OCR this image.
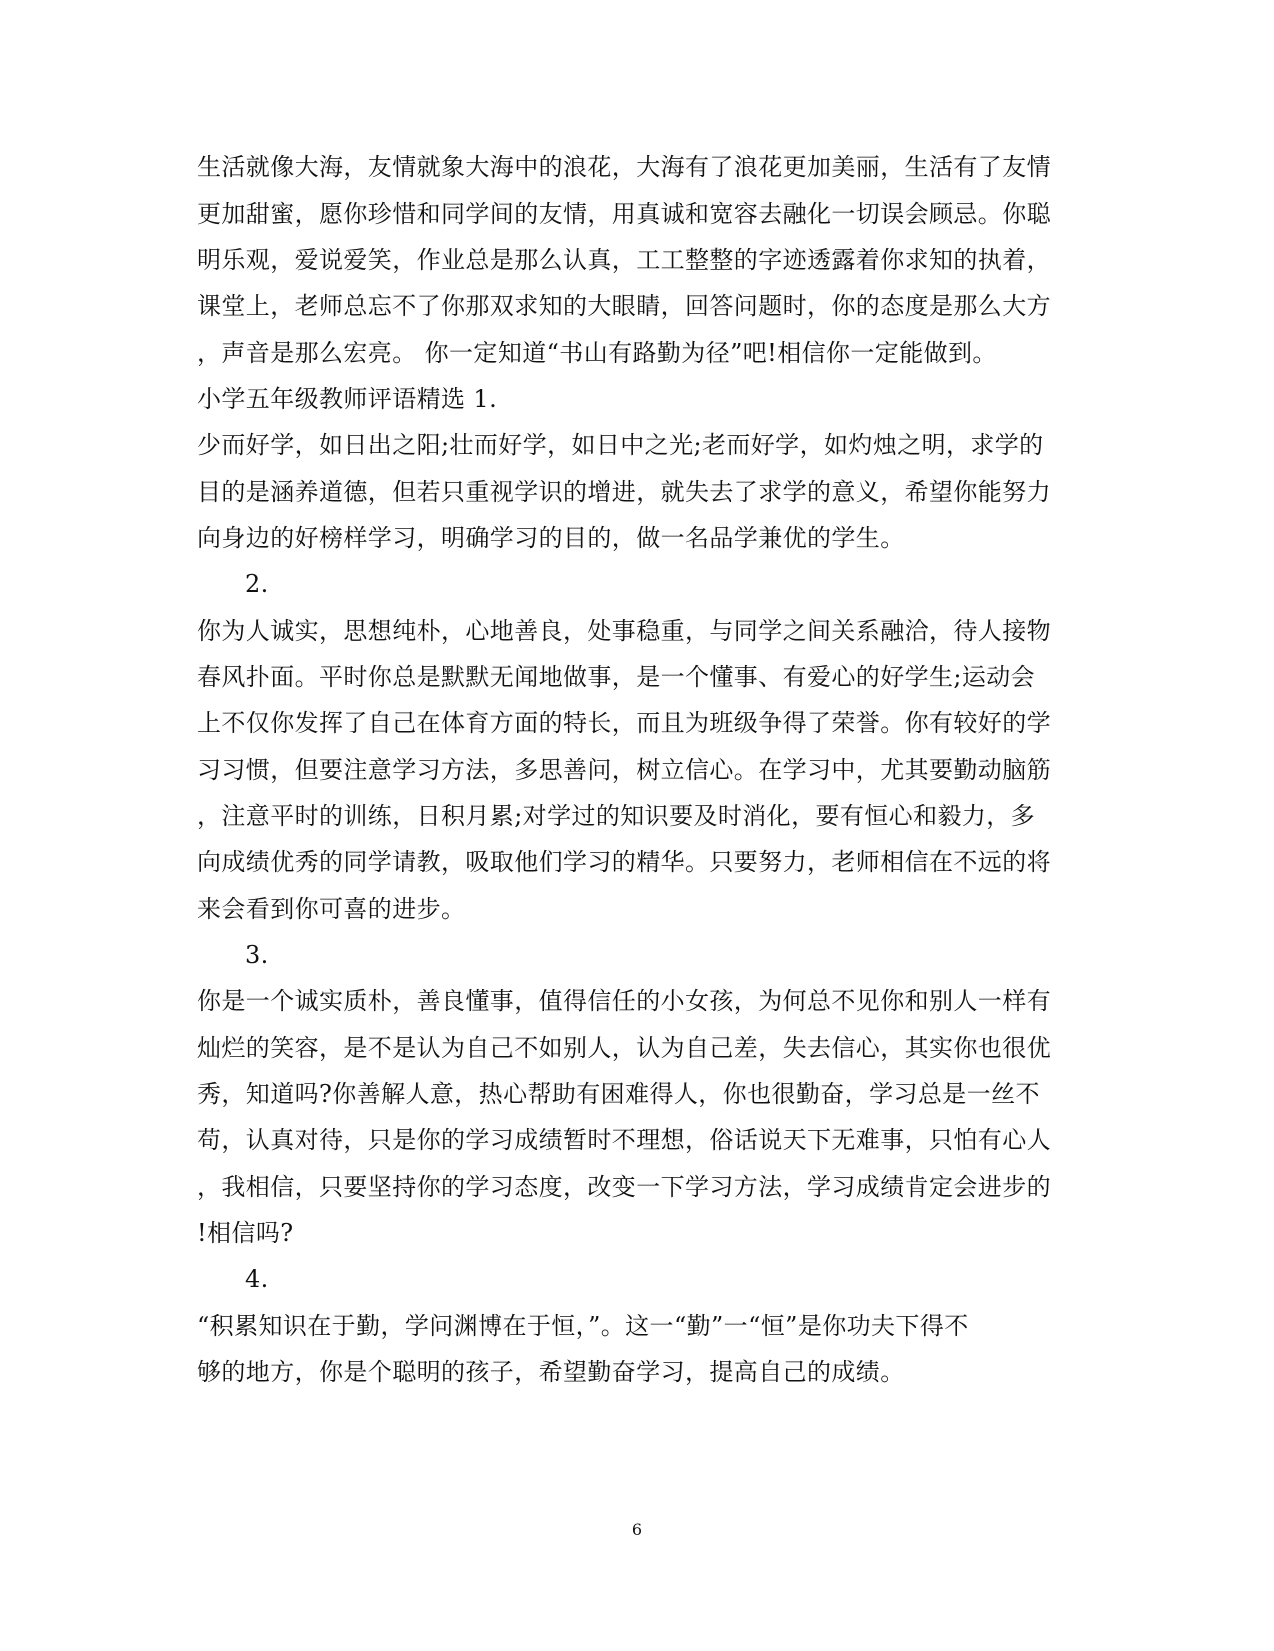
生活就像大海，友情就象大海中的浪花，大海有了浪花更加美丽，生活有了友情
更加甜蜜，愿你珍惜和同学间的友情，用真诚和宽容去融化一切误会顾忌。你聪
明乐观，爱说爱笑，作业总是那么认真，工工整整的字迹透露着你求知的执着，
课堂上，老师总忘不了你那双求知的大眼睛，回答问题时，你的态度是那么大方
，声音是那么宏亮。 你一定知道“书山有路勤为径”吧!相信你一定能做到。
小学五年级教师评语精选 1.
少而好学，如日出之阳;壮而好学，如日中之光;老而好学，如灼烛之明，求学的
目的是涵养道德，但若只重视学识的增进，就失去了求学的意义，希望你能努力
向身边的好榜样学习，明确学习的目的，做一名品学兼优的学生。
2.
你为人诚实，思想纯朴，心地善良，处事稳重，与同学之间关系融洽，待人接物
春风扑面。平时你总是默默无闻地做事，是一个懂事、有爱心的好学生;运动会
上不仅你发挥了自己在体育方面的特长，而且为班级争得了荣誉。你有较好的学
习习惯，但要注意学习方法，多思善问，树立信心。在学习中，尤其要勤动脑筋
，注意平时的训练，日积月累;对学过的知识要及时消化，要有恒心和毅力，多
向成绩优秀的同学请教，吸取他们学习的精华。只要努力，老师相信在不远的将
来会看到你可喜的进步。
3.
你是一个诚实质朴，善良懂事，值得信任的小女孩，为何总不见你和别人一样有
灿烂的笑容，是不是认为自己不如别人，认为自己差，失去信心，其实你也很优
秀，知道吗?你善解人意，热心帮助有困难得人，你也很勤奋，学习总是一丝不
苟，认真对待，只是你的学习成绩暂时不理想，俗话说天下无难事，只怕有心人
，我相信，只要坚持你的学习态度，改变一下学习方法，学习成绩肯定会进步的
!相信吗?
4.
“积累知识在于勤，学问渊博在于恒，”。这一“勤”一“恒”是你功夫下得不
够的地方，你是个聪明的孩子，希望勤奋学习，提高自己的成绩。
6
